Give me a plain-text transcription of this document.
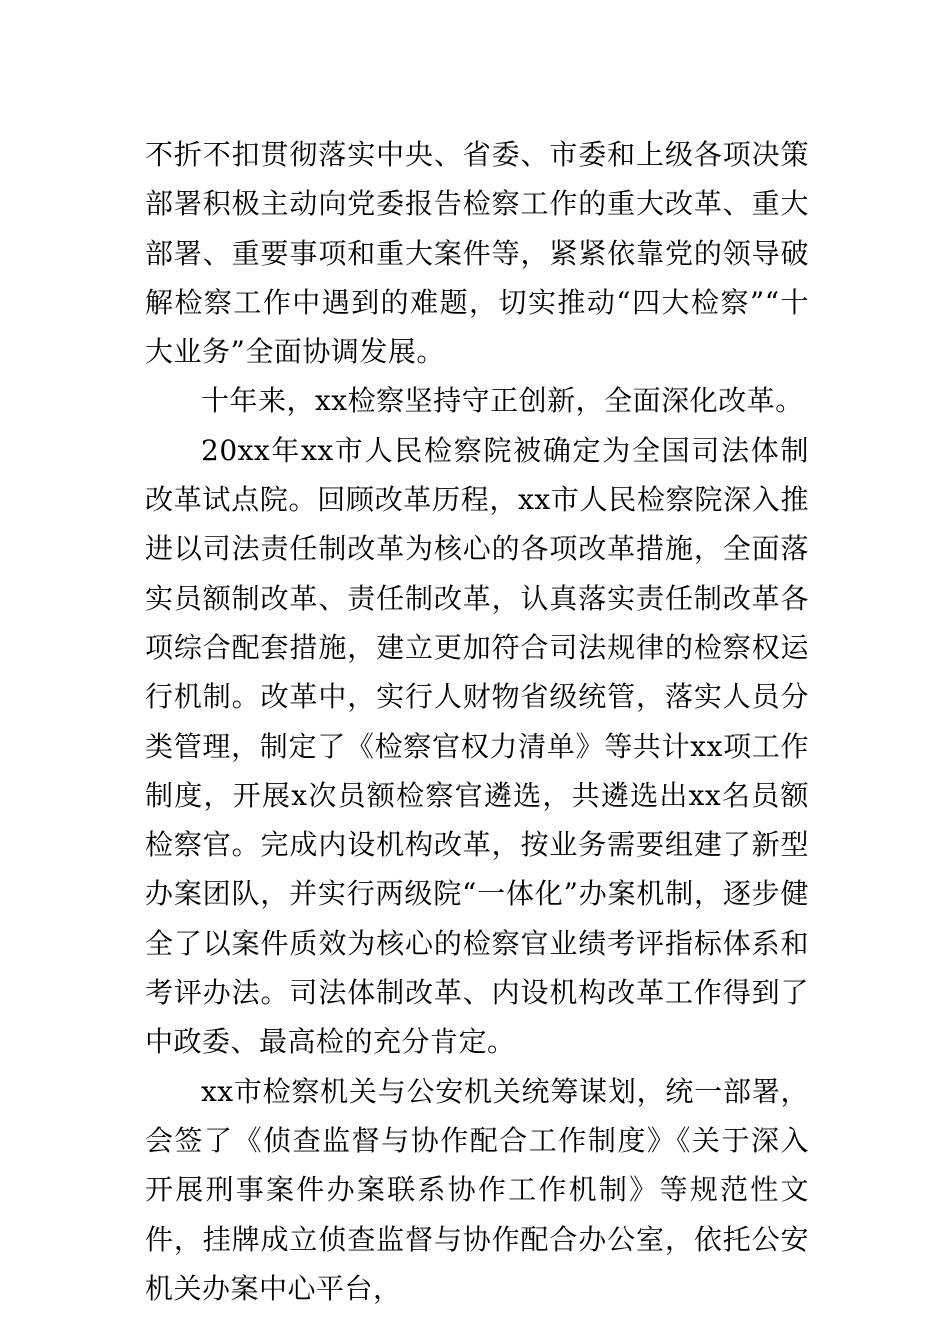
不折不扣贯彻落实中央、省委、市委和上级各项决策部署积极主动向党委报告检察工作的重大改革、重大部署、重要事项和重大案件等，紧紧依靠党的领导破解检察工作中遇到的难题，切实推动“四大检察”“十大业务”全面协调发展。

十年来，xx检察坚持守正创新，全面深化改革。

20xx年xx市人民检察院被确定为全国司法体制改革试点院。回顾改革历程，xx市人民检察院深入推进以司法责任制改革为核心的各项改革措施，全面落实员额制改革、责任制改革，认真落实责任制改革各项综合配套措施，建立更加符合司法规律的检察权运行机制。改革中，实行人财物省级统管，落实人员分类管理，制定了《检察官权力清单》等共计xx项工作制度，开展x次员额检察官遴选，共遴选出xx名员额检察官。完成内设机构改革，按业务需要组建了新型办案团队，并实行两级院“一体化”办案机制，逐步健全了以案件质效为核心的检察官业绩考评指标体系和考评办法。司法体制改革、内设机构改革工作得到了中政委、最高检的充分肯定。

xx市检察机关与公安机关统筹谋划，统一部署，会签了《侦查监督与协作配合工作制度》《关于深入开展刑事案件办案联系协作工作机制》等规范性文件，挂牌成立侦查监督与协作配合办公室，依托公安机关办案中心平台，
